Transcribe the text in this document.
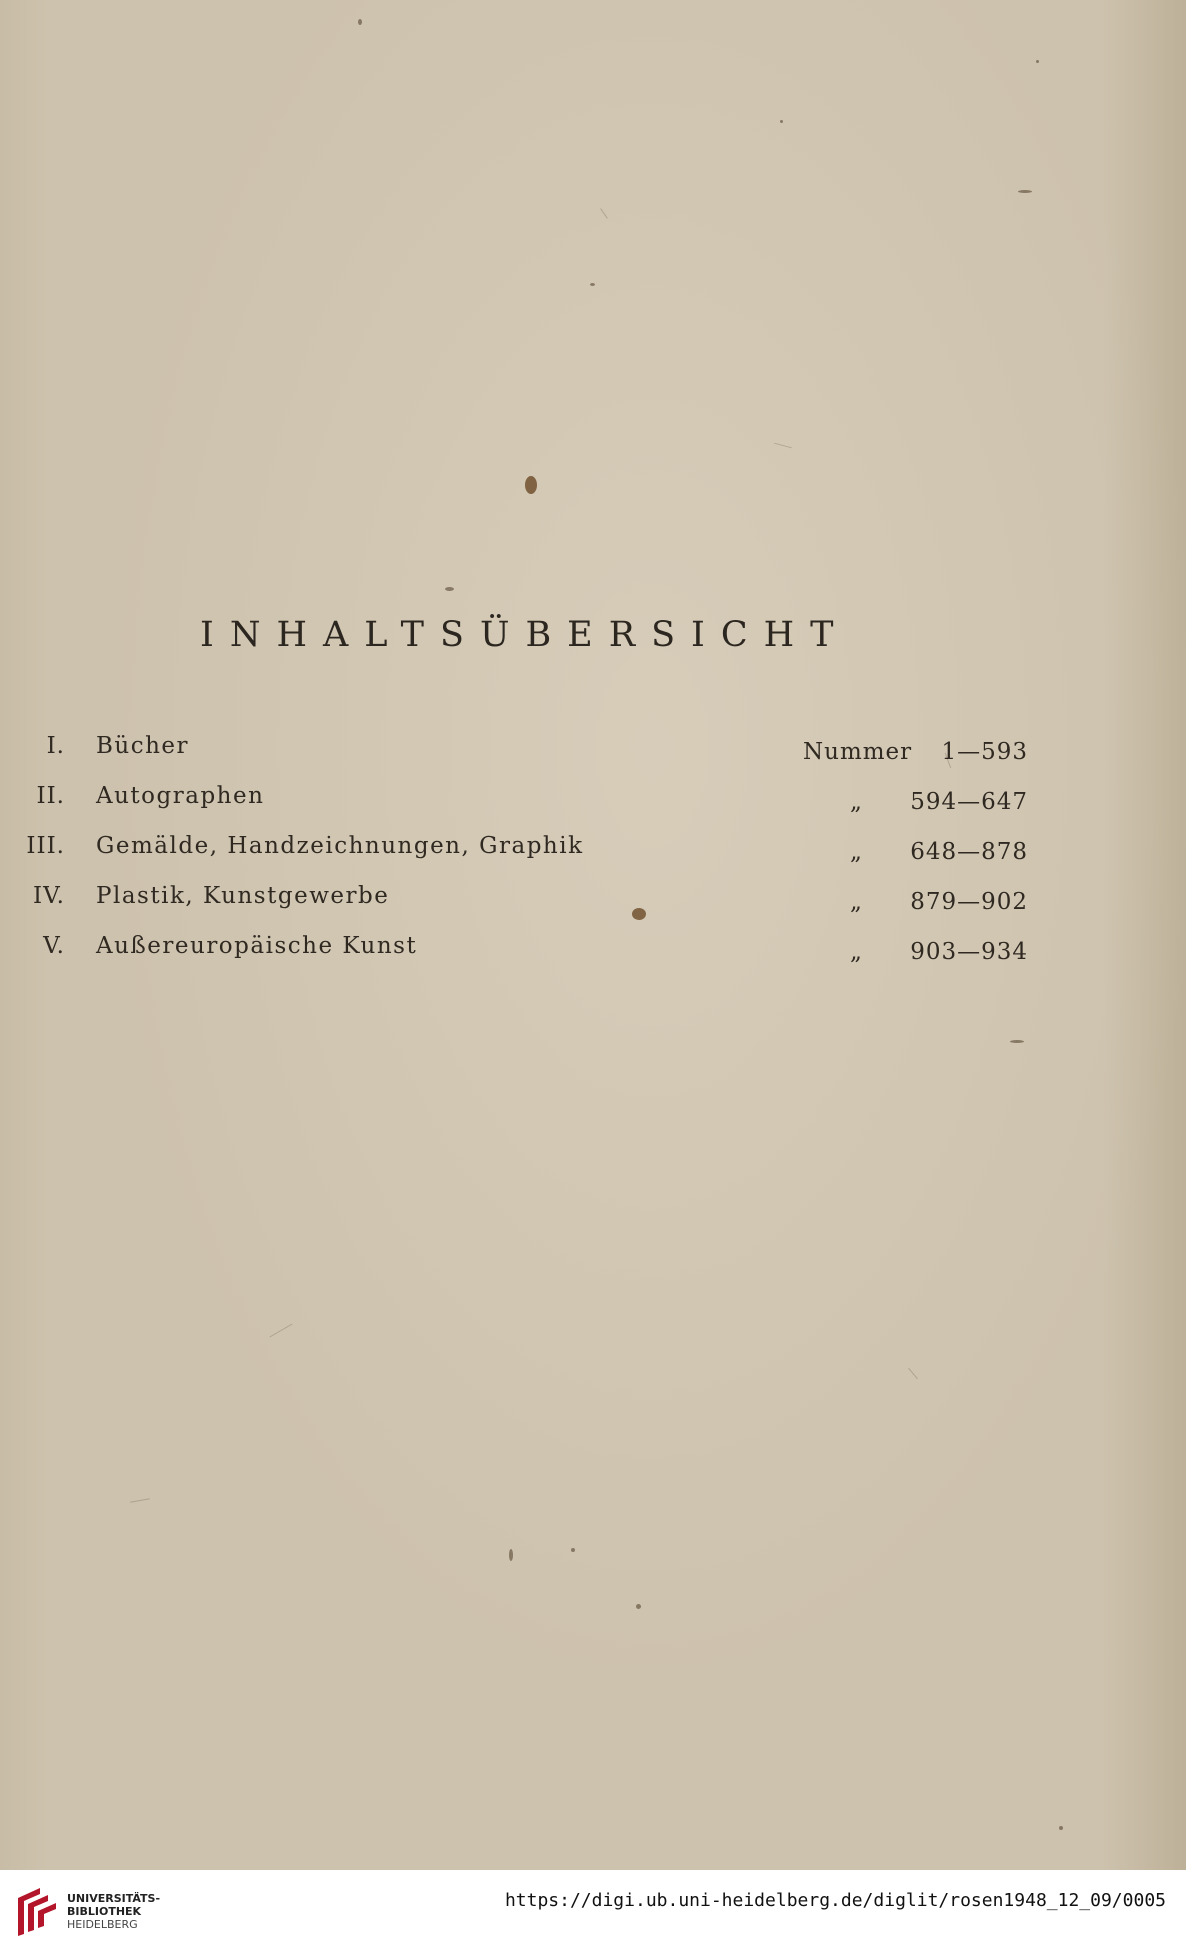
INHALTSÜBERSICHT
I. Bücher	Nummer 1—593
II. Autographen	„ 594—647
III. Gemälde, Handzeichnungen, Graphik	„ 648—878
IV. Plastik, Kunstgewerbe	„ 879—902
V. Außereuropäische Kunst	„ 903—934
UNIVERSITÄTS-
BIBLIOTHEK
HEIDELBERG
https://digi.ub.uni-heidelberg.de/diglit/rosen1948_12_09/0005
